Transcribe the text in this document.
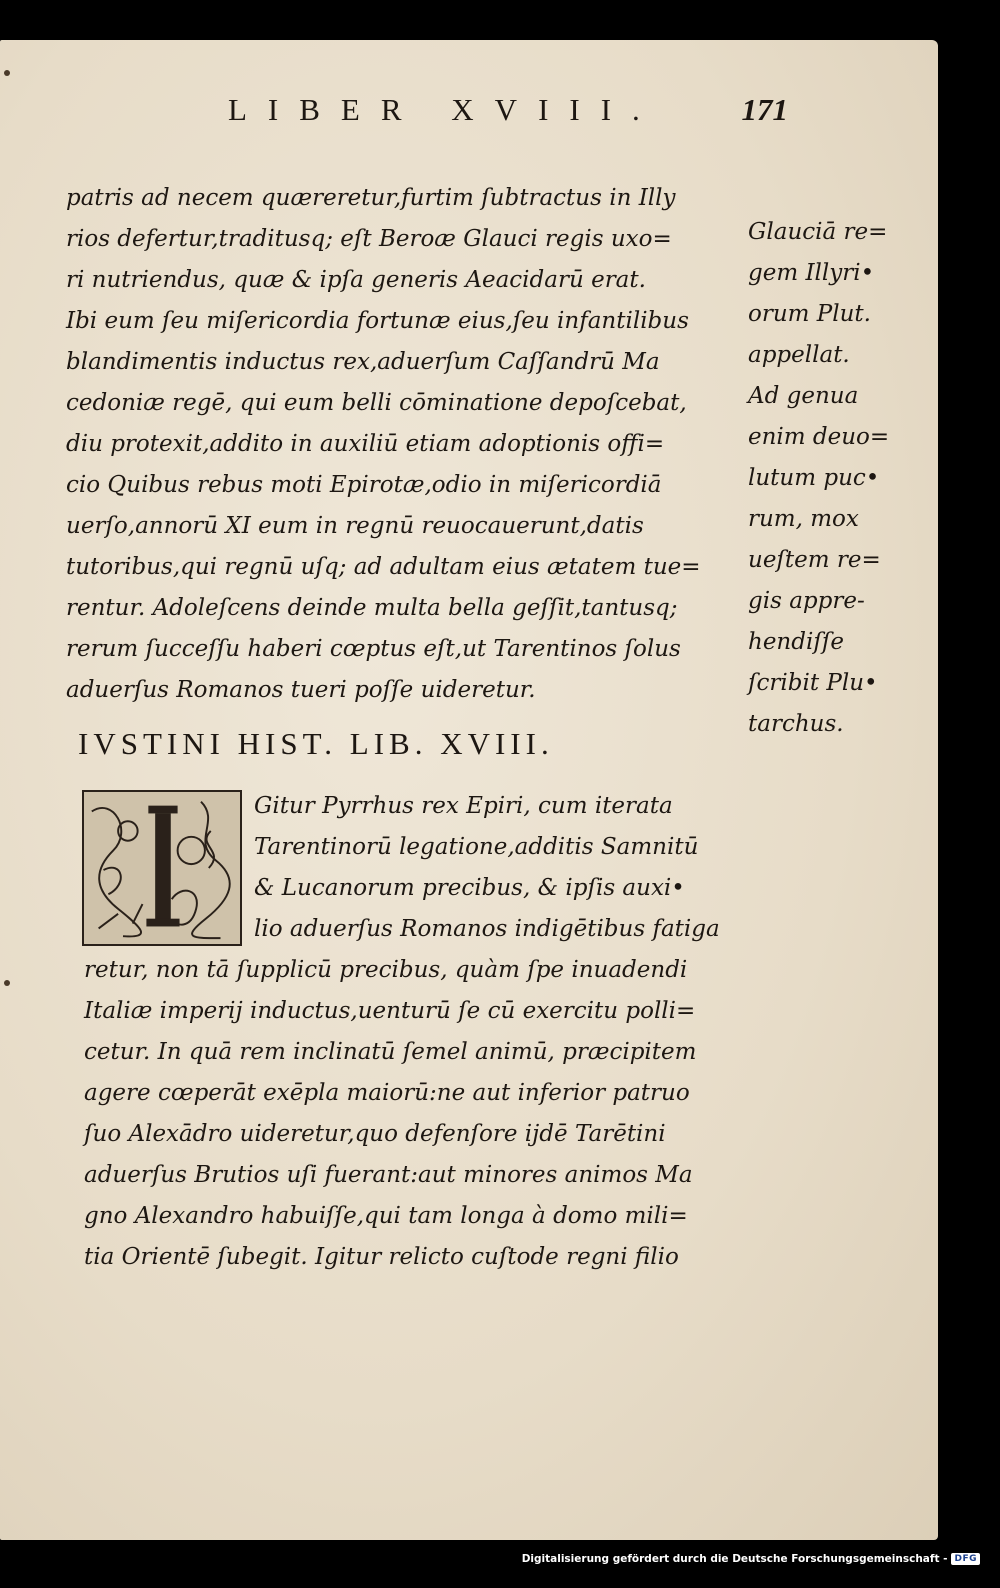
LIBER XVIII.	171
patris ad necem quæreretur,furtim ſubtractus in Illy
rios defertur,traditusq; eſt Beroæ Glauci regis uxo=
ri nutriendus, quæ & ipſa generis Aeacidarū erat.
Ibi eum ſeu miſericordia fortunæ eius,ſeu infantilibus
blandimentis inductus rex,aduerſum Caſſandrū Ma
cedoniæ regē, qui eum belli cōminatione depoſcebat,
diu protexit,addito in auxiliū etiam adoptionis offi=
cio Quibus rebus moti Epirotæ,odio in miſericordiā
uerſo,annorū XI eum in regnū reuocauerunt,datis
tutoribus,qui regnū uſq; ad adultam eius ætatem tue=
rentur. Adoleſcens deinde multa bella geſſit,tantusq;
rerum ſucceſſu haberi cœptus eſt,ut Tarentinos ſolus
aduerſus Romanos tueri poſſe uideretur.
Glauciā re=
gem Illyri•
orum Plut.
appellat.
Ad genua
enim deuo=
lutum puc•
rum, mox
ueſtem re=
gis appre-
hendiſſe
ſcribit Plu•
tarchus.
IVSTINI HIST. LIB. XVIII.
I
Gitur Pyrrhus rex Epiri, cum iterata
Tarentinorū legatione,additis Samnitū
& Lucanorum precibus, & ipſis auxi•
lio aduerſus Romanos indigētibus fatiga
retur, non tā ſupplicū precibus, quàm ſpe inuadendi
Italiæ imperij inductus,uenturū ſe cū exercitu polli=
cetur. In quā rem inclinatū ſemel animū, præcipitem
agere cœperāt exēpla maiorū:ne aut inferior patruo
ſuo Alexādro uideretur,quo defenſore ijdē Tarētini
aduerſus Brutios uſi fuerant:aut minores animos Ma
gno Alexandro habuiſſe,qui tam longa à domo mili=
tia Orientē ſubegit. Igitur relicto cuſtode regni filio
Digitalisierung gefördert durch die Deutsche Forschungsgemeinschaft - DFG
